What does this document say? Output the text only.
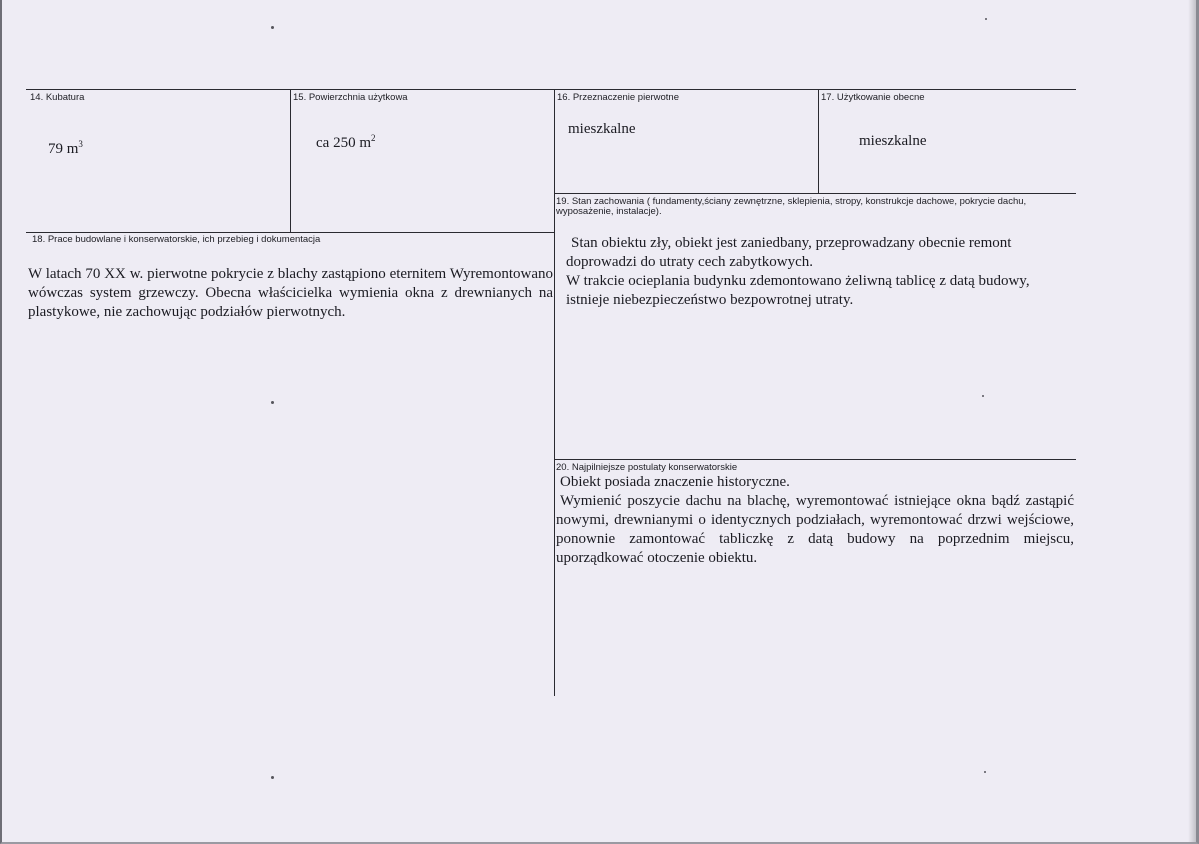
14. Kubatura
79 $m^3$
15. Powierzchnia użytkowa
ca 250 $m^2$
16. Przeznaczenie pierwotne
mieszkalne
17. Użytkowanie obecne
mieszkalne
19. Stan zachowania ( fundamenty,ściany zewnętrzne, sklepienia, stropy, konstrukcje dachowe, pokrycie dachu, wyposażenie, instalacje).

Stan obiektu zły, obiekt jest zaniedbany, przeprowadzany obecnie remont doprowadzi do utraty cech zabytkowych.

W trakcie ocieplania budynku zdemontowano żeliwną tablicę z datą budowy, istnieje niebezpieczeństwo bezpowrotnej utraty.

18. Prace budowlane i konserwatorskie, ich przebieg i dokumentacja
W latach 70 XX w. pierwotne pokrycie z blachy zastąpiono eternitem Wyremontowano wówczas system grzewczy. Obecna właścicielka wymienia okna z drewnianych na plastykowe, nie zachowując podziałów pierwotnych.
20. Najpilniejsze postulaty konserwatorskie

Obiekt posiada znaczenie historyczne.

Wymienić poszycie dachu na blachę, wyremontować istniejące okna bądź zastąpić nowymi, drewnianymi o identycznych podziałach, wyremontować drzwi wejściowe, ponownie zamontować tabliczkę z datą budowy na poprzednim miejscu, uporządkować otoczenie obiektu.
